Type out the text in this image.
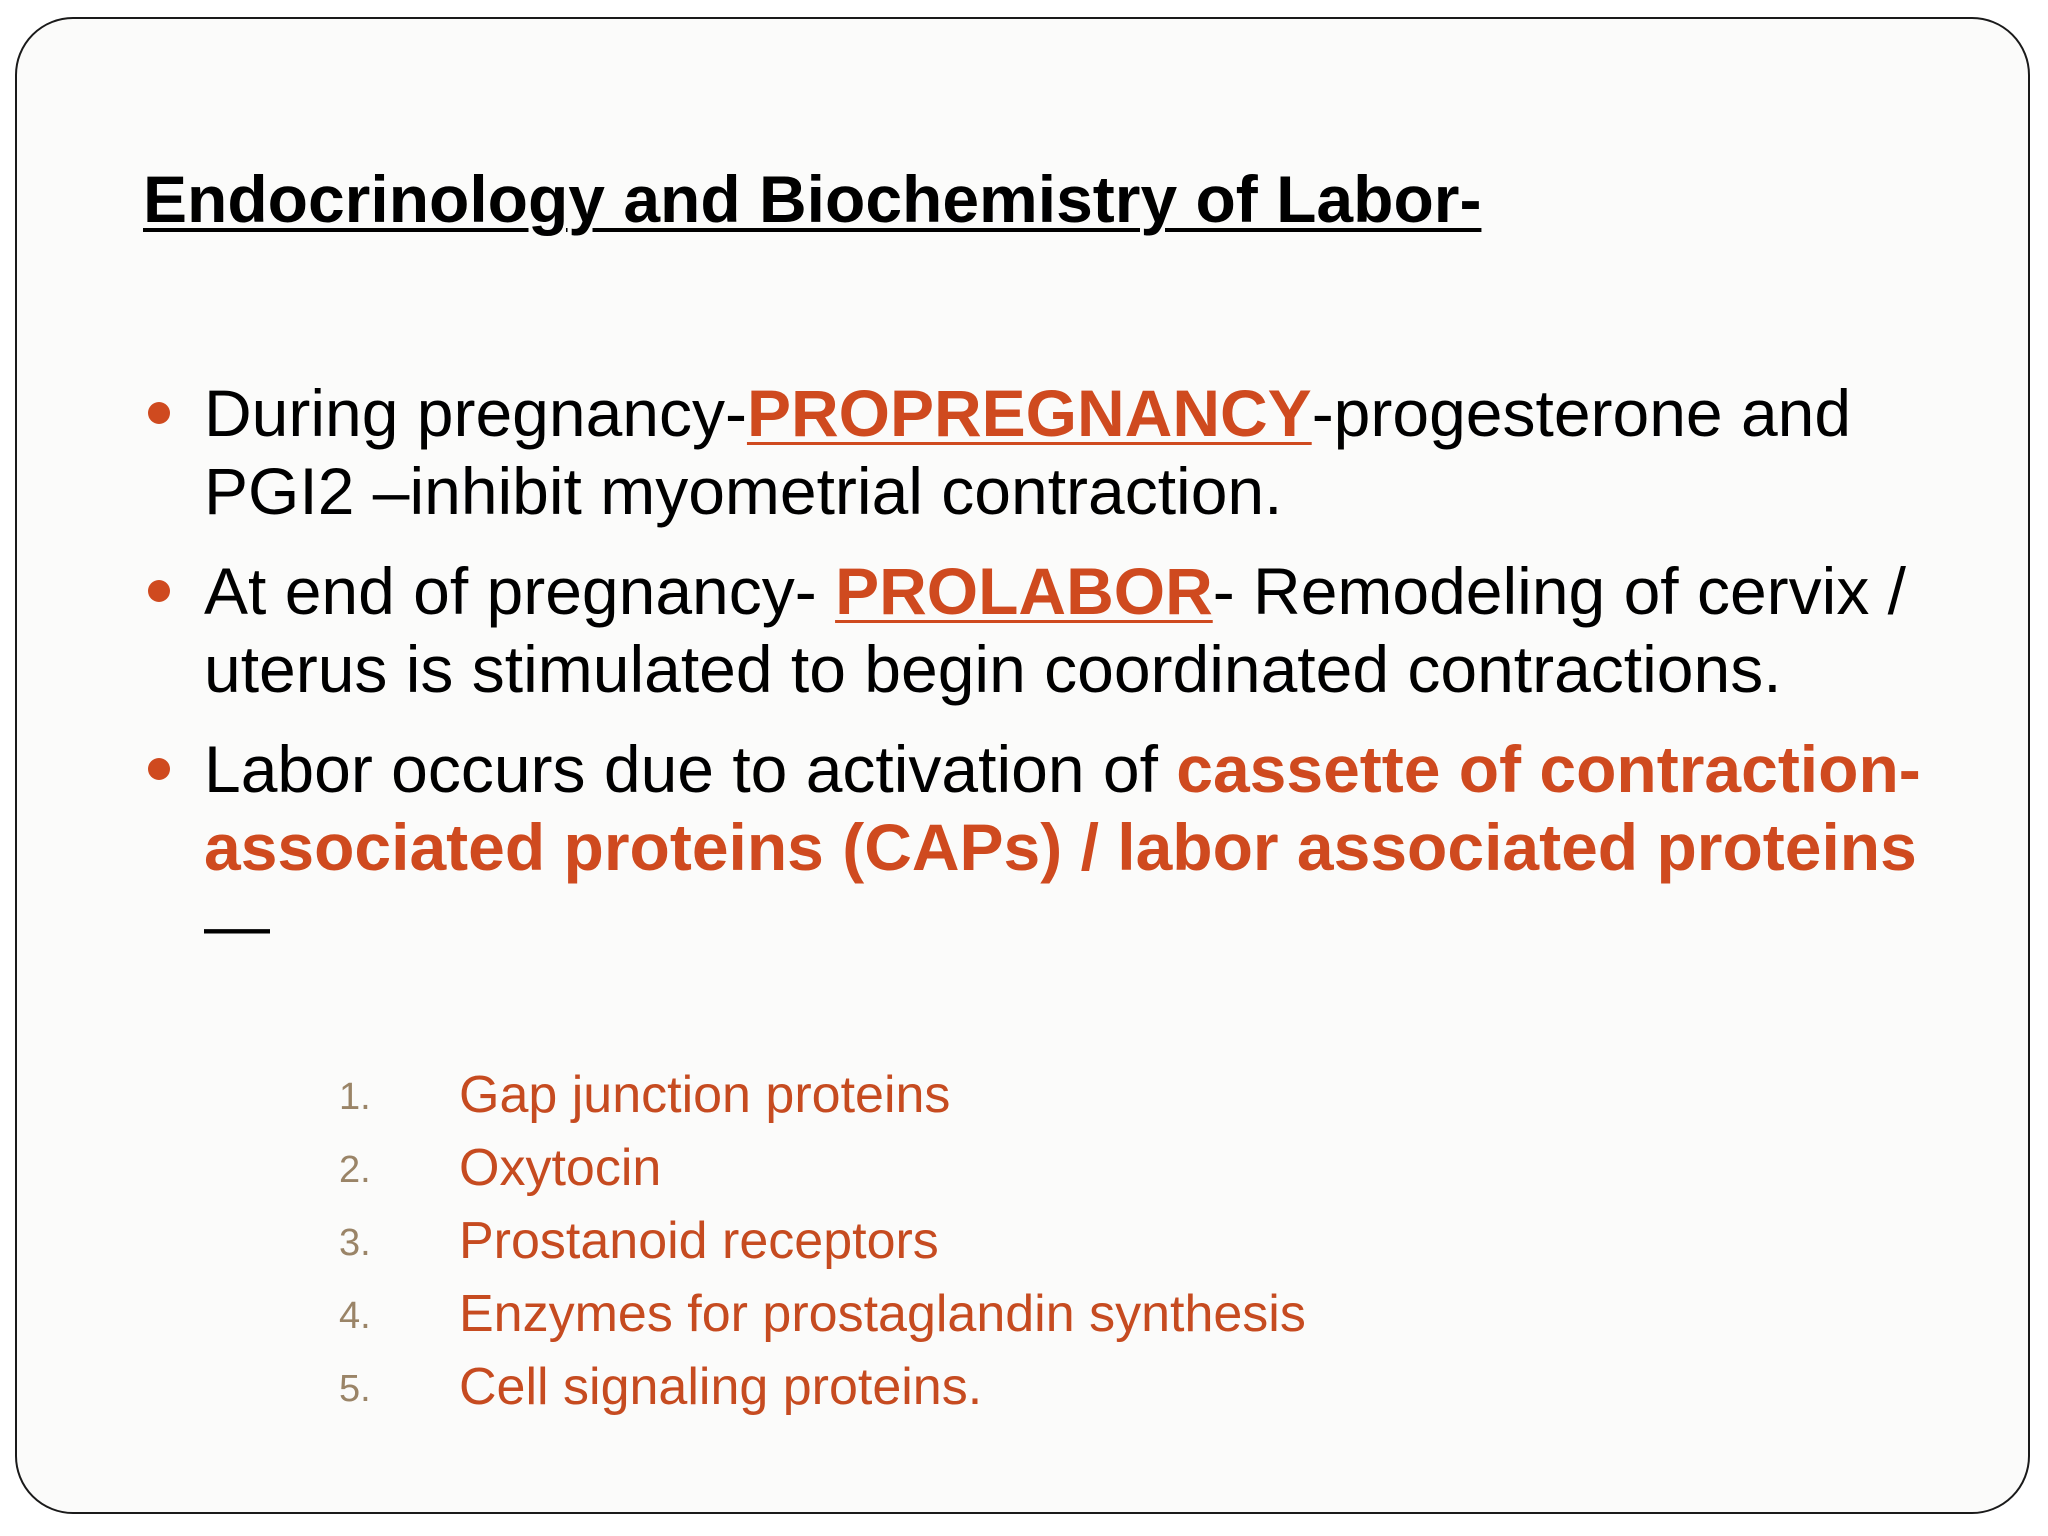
Endocrinology and Biochemistry of Labor-
During pregnancy-PROPREGNANCY-progesterone and PGI2 –inhibit myometrial contraction.
At end of pregnancy- PROLABOR- Remodeling of cervix / uterus is stimulated to begin coordinated contractions.
Labor occurs due to activation of cassette of contraction-associated proteins (CAPs) / labor associated proteins—
1. Gap junction proteins
2. Oxytocin
3. Prostanoid receptors
4. Enzymes for prostaglandin synthesis
5. Cell signaling proteins.
